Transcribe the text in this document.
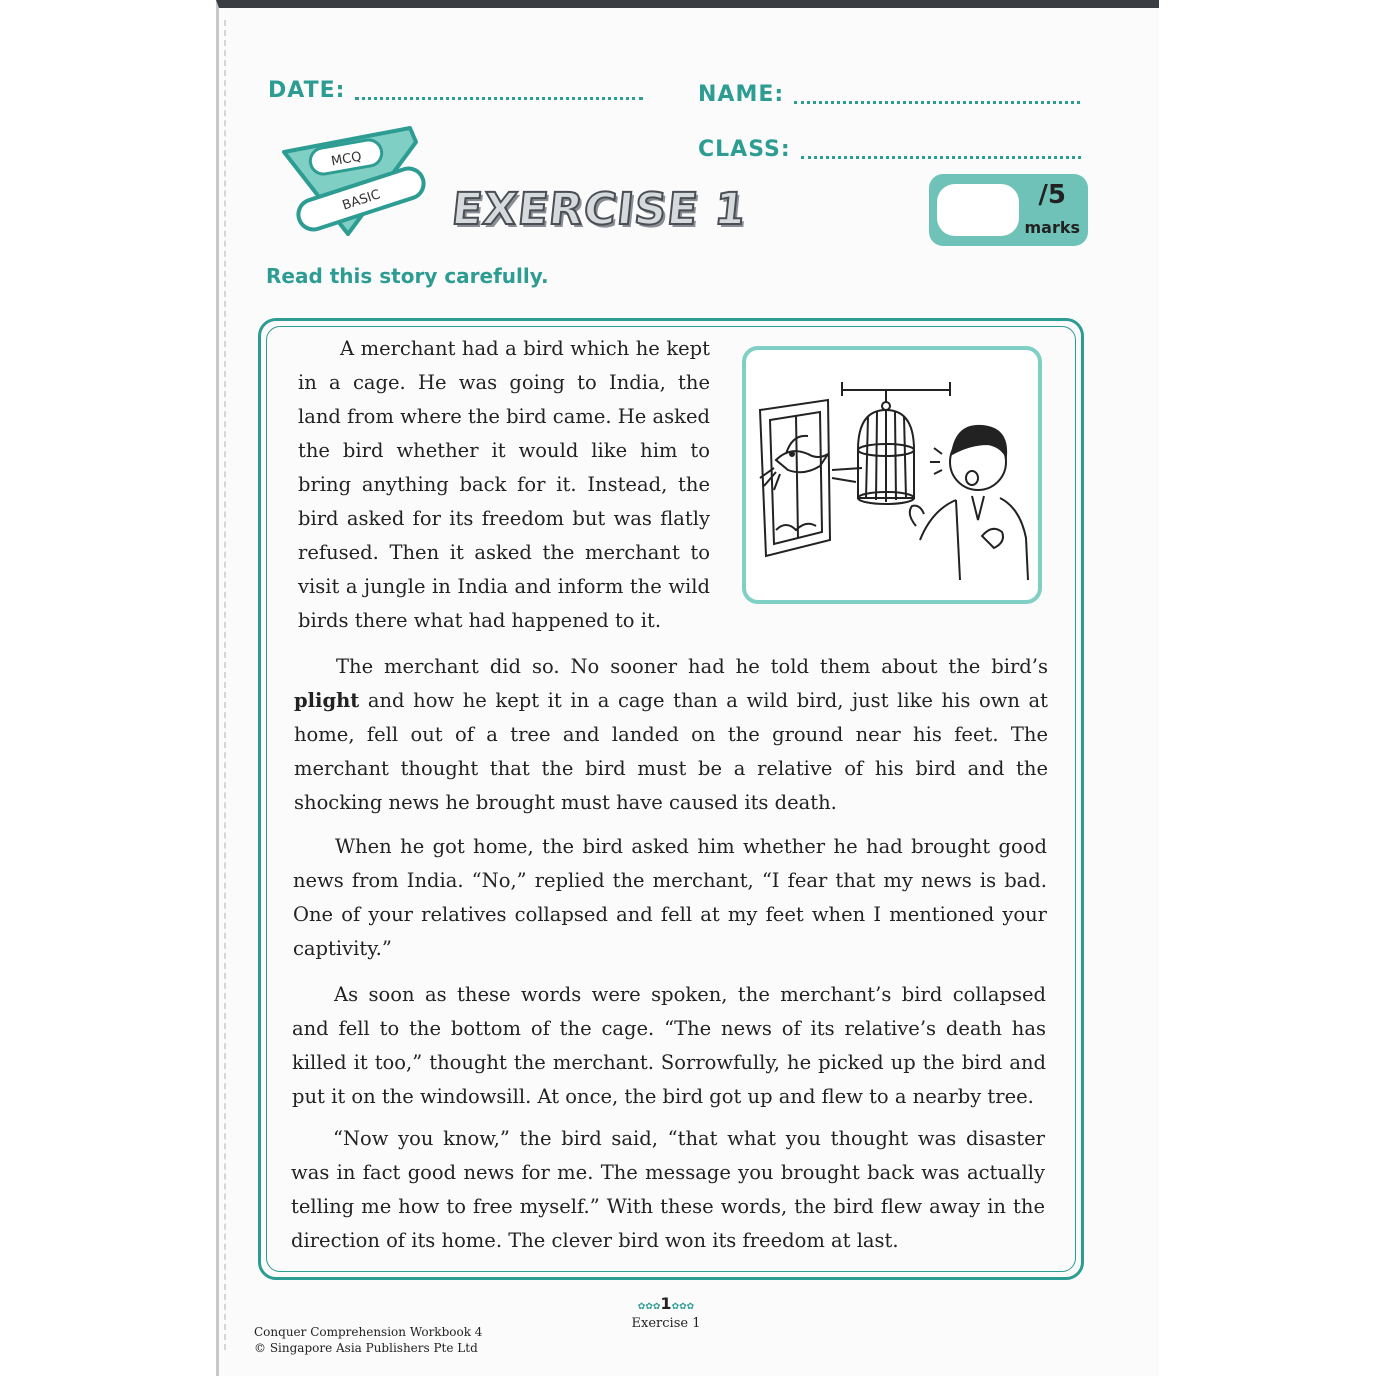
DATE:	NAME:
CLASS:
MCQ
BASIC EXERCISE 1	/5
marks
Read this story carefully.

A merchant had a bird which he kept in a cage. He was going to India, the land from where the bird came. He asked the bird whether it would like him to bring anything back for it. Instead, the bird asked for its freedom but was flatly refused. Then it asked the merchant to visit a jungle in India and inform the wild birds there what had happened to it.

The merchant did so. No sooner had he told them about the bird’s plight and how he kept it in a cage than a wild bird, just like his own at home, fell out of a tree and landed on the ground near his feet. The merchant thought that the bird must be a relative of his bird and the shocking news he brought must have caused its death.

When he got home, the bird asked him whether he had brought good news from India. “No,” replied the merchant, “I fear that my news is bad. One of your relatives collapsed and fell at my feet when I mentioned your captivity.”

As soon as these words were spoken, the merchant’s bird collapsed and fell to the bottom of the cage. “The news of its relative’s death has killed it too,” thought the merchant. Sorrowfully, he picked up the bird and put it on the windowsill. At once, the bird got up and flew to a nearby tree.

“Now you know,” the bird said, “that what you thought was disaster was in fact good news for me. The message you brought back was actually telling me how to free myself.” With these words, the bird flew away in the direction of its home. The clever bird won its freedom at last.

✿✿✿1✿✿✿
Exercise 1
Conquer Comprehension Workbook 4
© Singapore Asia Publishers Pte Ltd
